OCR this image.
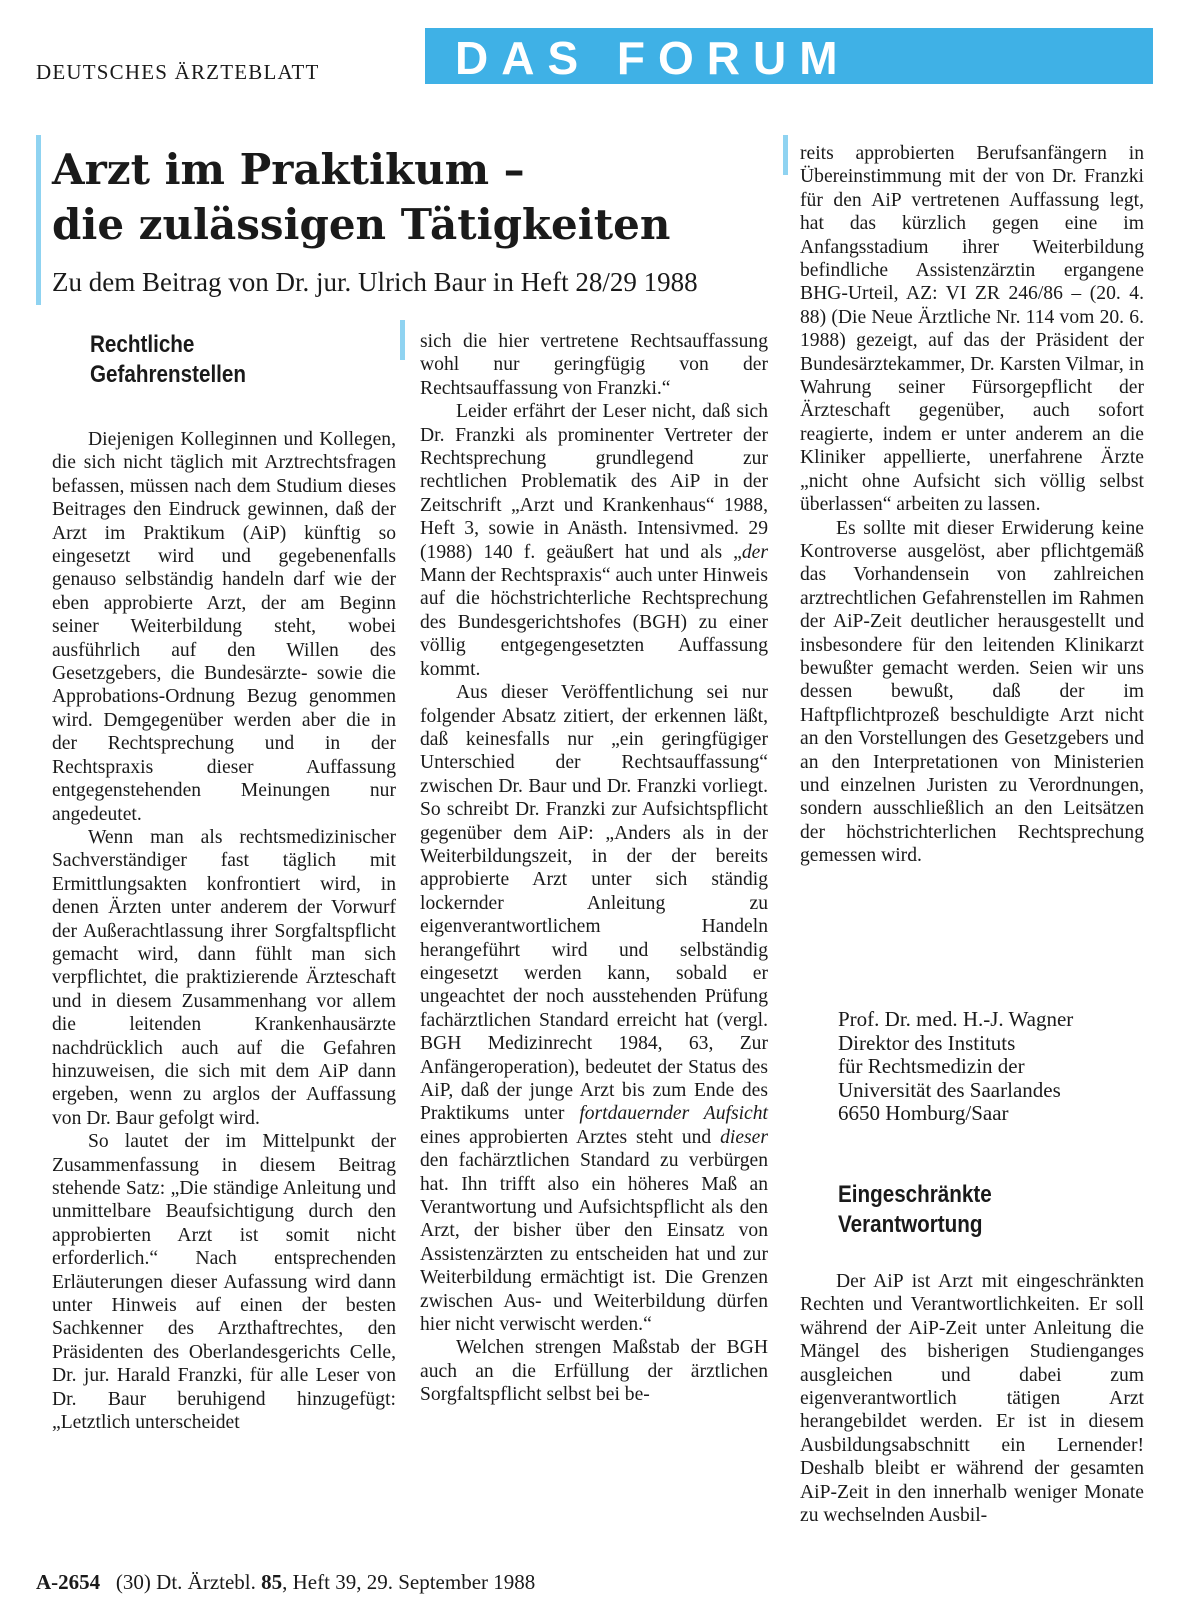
DEUTSCHES ÄRZTEBLATT	DAS FORUM
Arzt im Praktikum –
die zulässigen Tätigkeiten

Zu dem Beitrag von Dr. jur. Ulrich Baur in Heft 28/29 1988

Rechtliche
Gefahrenstellen

Diejenigen Kolleginnen und Kollegen, die sich nicht täglich mit Arztrechtsfragen befassen, müssen nach dem Studium dieses Beitrages den Eindruck gewinnen, daß der Arzt im Praktikum (AiP) künftig so eingesetzt wird und gegebenenfalls genauso selbständig handeln darf wie der eben approbierte Arzt, der am Beginn seiner Weiterbildung steht, wobei ausführlich auf den Willen des Gesetzgebers, die Bundesärzte- sowie die Approbations-Ordnung Bezug genommen wird. Demgegenüber werden aber die in der Rechtsprechung und in der Rechtspraxis dieser Auffassung entgegenstehenden Meinungen nur angedeutet.

Wenn man als rechtsmedizinischer Sachverständiger fast täglich mit Ermittlungsakten konfrontiert wird, in denen Ärzten unter anderem der Vorwurf der Außerachtlassung ihrer Sorgfaltspflicht gemacht wird, dann fühlt man sich verpflichtet, die praktizierende Ärzteschaft und in diesem Zusammenhang vor allem die leitenden Krankenhausärzte nachdrücklich auch auf die Gefahren hinzuweisen, die sich mit dem AiP dann ergeben, wenn zu arglos der Auffassung von Dr. Baur gefolgt wird.

So lautet der im Mittelpunkt der Zusammenfassung in diesem Beitrag stehende Satz: „Die ständige Anleitung und unmittelbare Beaufsichtigung durch den approbierten Arzt ist somit nicht erforderlich.“ Nach entsprechenden Erläuterungen dieser Aufassung wird dann unter Hinweis auf einen der besten Sachkenner des Arzthaftrechtes, den Präsidenten des Oberlandesgerichts Celle, Dr. jur. Harald Franzki, für alle Leser von Dr. Baur beruhigend hinzugefügt: „Letztlich unterscheidet

sich die hier vertretene Rechtsauffassung wohl nur geringfügig von der Rechtsauffassung von Franzki.“

Leider erfährt der Leser nicht, daß sich Dr. Franzki als prominenter Vertreter der Rechtsprechung grundlegend zur rechtlichen Problematik des AiP in der Zeitschrift „Arzt und Krankenhaus“ 1988, Heft 3, sowie in Anästh. Intensivmed. 29 (1988) 140 f. geäußert hat und als „der Mann der Rechtspraxis“ auch unter Hinweis auf die höchstrichterliche Rechtsprechung des Bundesgerichtshofes (BGH) zu einer völlig entgegengesetzten Auffassung kommt.

Aus dieser Veröffentlichung sei nur folgender Absatz zitiert, der erkennen läßt, daß keinesfalls nur „ein geringfügiger Unterschied der Rechtsauffassung“ zwischen Dr. Baur und Dr. Franzki vorliegt. So schreibt Dr. Franzki zur Aufsichtspflicht gegenüber dem AiP: „Anders als in der Weiterbildungszeit, in der der bereits approbierte Arzt unter sich ständig lockernder Anleitung zu eigenverantwortlichem Handeln herangeführt wird und selbständig eingesetzt werden kann, sobald er ungeachtet der noch ausstehenden Prüfung fachärztlichen Standard erreicht hat (vergl. BGH Medizinrecht 1984, 63, Zur Anfängeroperation), bedeutet der Status des AiP, daß der junge Arzt bis zum Ende des Praktikums unter fortdauernder Aufsicht eines approbierten Arztes steht und dieser den fachärztlichen Standard zu verbürgen hat. Ihn trifft also ein höheres Maß an Verantwortung und Aufsichtspflicht als den Arzt, der bisher über den Einsatz von Assistenzärzten zu entscheiden hat und zur Weiterbildung ermächtigt ist. Die Grenzen zwischen Aus- und Weiterbildung dürfen hier nicht verwischt werden.“

Welchen strengen Maßstab der BGH auch an die Erfüllung der ärztlichen Sorgfaltspflicht selbst bei be-

reits approbierten Berufsanfängern in Übereinstimmung mit der von Dr. Franzki für den AiP vertretenen Auffassung legt, hat das kürzlich gegen eine im Anfangsstadium ihrer Weiterbildung befindliche Assistenzärztin ergangene BHG-Urteil, AZ: VI ZR 246/86 – (20. 4. 88) (Die Neue Ärztliche Nr. 114 vom 20. 6. 1988) gezeigt, auf das der Präsident der Bundesärztekammer, Dr. Karsten Vilmar, in Wahrung seiner Fürsorgepflicht der Ärzteschaft gegenüber, auch sofort reagierte, indem er unter anderem an die Kliniker appellierte, unerfahrene Ärzte „nicht ohne Aufsicht sich völlig selbst überlassen“ arbeiten zu lassen.

Es sollte mit dieser Erwiderung keine Kontroverse ausgelöst, aber pflichtgemäß das Vorhandensein von zahlreichen arztrechtlichen Gefahrenstellen im Rahmen der AiP-Zeit deutlicher herausgestellt und insbesondere für den leitenden Klinikarzt bewußter gemacht werden. Seien wir uns dessen bewußt, daß der im Haftpflichtprozeß beschuldigte Arzt nicht an den Vorstellungen des Gesetzgebers und an den Interpretationen von Ministerien und einzelnen Juristen zu Verordnungen, sondern ausschließlich an den Leitsätzen der höchstrichterlichen Rechtsprechung gemessen wird.

Prof. Dr. med. H.-J. Wagner
Direktor des Instituts
für Rechtsmedizin der
Universität des Saarlandes
6650 Homburg/Saar
Eingeschränkte
Verantwortung

Der AiP ist Arzt mit eingeschränkten Rechten und Verantwortlichkeiten. Er soll während der AiP-Zeit unter Anleitung die Mängel des bisherigen Studienganges ausgleichen und dabei zum eigenverantwortlich tätigen Arzt herangebildet werden. Er ist in diesem Ausbildungsabschnitt ein Lernender! Deshalb bleibt er während der gesamten AiP-Zeit in den innerhalb weniger Monate zu wechselnden Ausbil-

A-2654 (30) Dt. Ärztebl. 85, Heft 39, 29. September 1988
